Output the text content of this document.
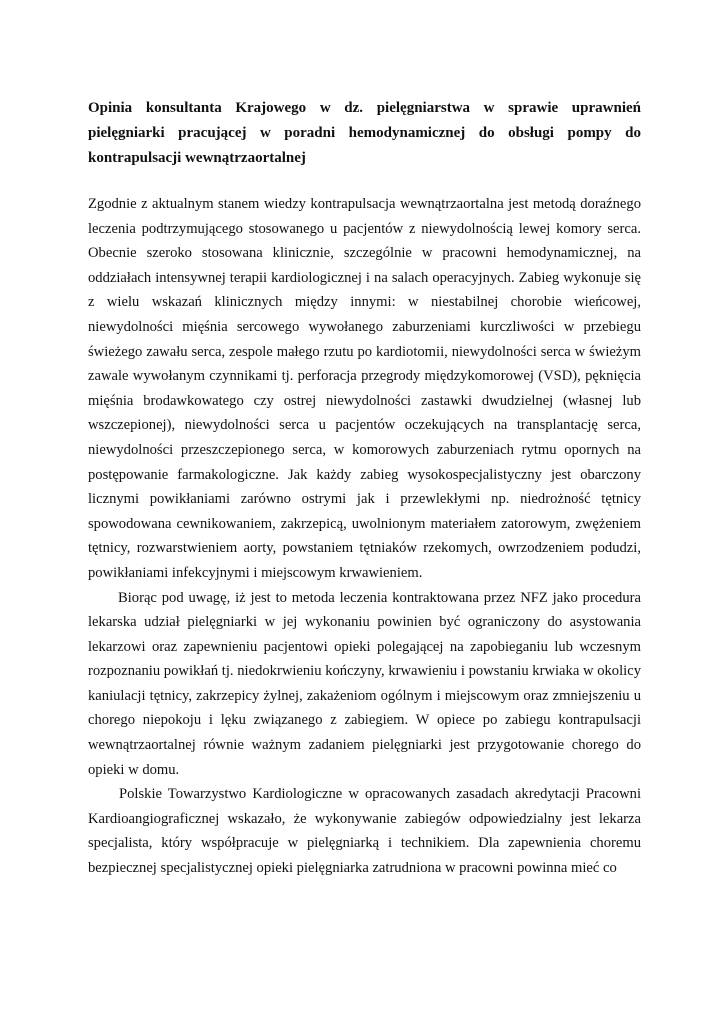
Opinia konsultanta Krajowego w dz. pielęgniarstwa w sprawie uprawnień pielęgniarki pracującej w poradni hemodynamicznej do obsługi pompy do kontrapulsacji wewnątrzaortalnej

Zgodnie z aktualnym stanem wiedzy kontrapulsacja wewnątrzaortalna jest metodą doraźnego leczenia podtrzymującego stosowanego u pacjentów z niewydolnością lewej komory serca. Obecnie szeroko stosowana klinicznie, szczególnie w pracowni hemodynamicznej, na oddziałach intensywnej terapii kardiologicznej i na salach operacyjnych. Zabieg wykonuje się z wielu wskazań klinicznych między innymi: w niestabilnej chorobie wieńcowej, niewydolności mięśnia sercowego wywołanego zaburzeniami kurczliwości w przebiegu świeżego zawału serca, zespole małego rzutu po kardiotomii, niewydolności serca w świeżym zawale wywołanym czynnikami tj. perforacja przegrody międzykomorowej (VSD), pęknięcia mięśnia brodawkowatego czy ostrej niewydolności zastawki dwudzielnej (własnej lub wszczepionej), niewydolności serca u pacjentów oczekujących na transplantację serca, niewydolności przeszczepionego serca, w komorowych zaburzeniach rytmu opornych na postępowanie farmakologiczne. Jak każdy zabieg wysokospecjalistyczny jest obarczony licznymi powikłaniami zarówno ostrymi jak i przewlekłymi np. niedrożność tętnicy spowodowana cewnikowaniem, zakrzepicą, uwolnionym materiałem zatorowym, zwężeniem tętnicy, rozwarstwieniem aorty, powstaniem tętniaków rzekomych, owrzodzeniem podudzi, powikłaniami infekcyjnymi i miejscowym krwawieniem.

Biorąc pod uwagę, iż jest to metoda leczenia kontraktowana przez NFZ jako procedura lekarska udział pielęgniarki w jej wykonaniu powinien być ograniczony do asystowania lekarzowi oraz zapewnieniu pacjentowi opieki polegającej na zapobieganiu lub wczesnym rozpoznaniu powikłań tj. niedokrwieniu kończyny, krwawieniu i powstaniu krwiaka w okolicy kaniulacji tętnicy, zakrzepicy żylnej, zakażeniom ogólnym i miejscowym oraz zmniejszeniu u chorego niepokoju i lęku związanego z zabiegiem. W opiece po zabiegu kontrapulsacji wewnątrzaortalnej równie ważnym zadaniem pielęgniarki jest przygotowanie chorego do opieki w domu.

Polskie Towarzystwo Kardiologiczne w opracowanych zasadach akredytacji Pracowni Kardioangiograficznej wskazało, że wykonywanie zabiegów odpowiedzialny jest lekarza specjalista, który współpracuje w pielęgniarką i technikiem. Dla zapewnienia choremu bezpiecznej specjalistycznej opieki pielęgniarka zatrudniona w pracowni powinna mieć co
